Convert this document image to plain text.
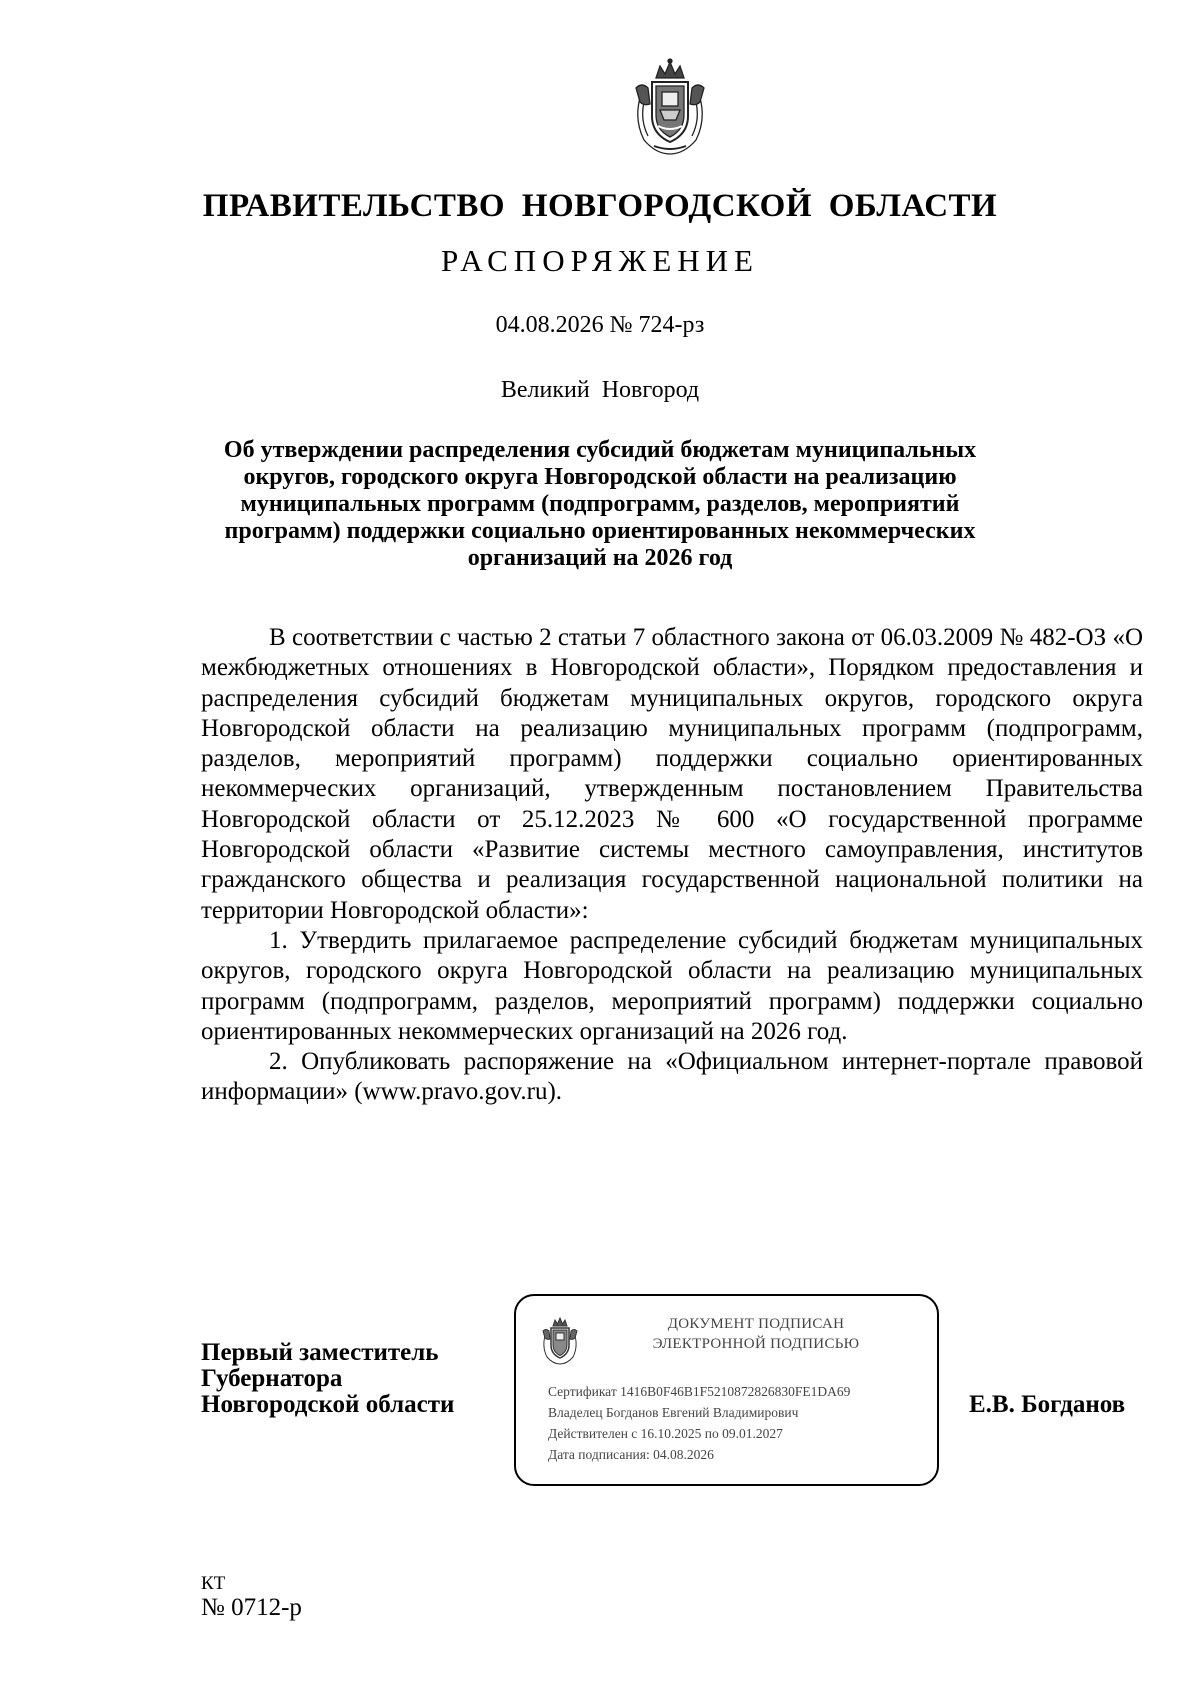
ПРАВИТЕЛЬСТВО НОВГОРОДСКОЙ ОБЛАСТИ
РАСПОРЯЖЕНИЕ
04.08.2026 № 724-рз
Великий Новгород
Об утверждении распределения субсидий бюджетам муниципальных округов, городского округа Новгородской области на реализацию муниципальных программ (подпрограмм, разделов, мероприятий программ) поддержки социально ориентированных некоммерческих организаций на 2026 год

В соответствии с частью 2 статьи 7 областного закона от 06.03.2009 № 482-ОЗ «О межбюджетных отношениях в Новгородской области», Порядком предоставления и распределения субсидий бюджетам муниципальных округов, городского округа Новгородской области на реализацию муниципальных программ (подпрограмм, разделов, мероприятий программ) поддержки социально ориентированных некоммерческих организаций, утвержденным постановлением Правительства Новгородской области от 25.12.2023 № 600 «О государственной программе Новгородской области «Развитие системы местного самоуправления, институтов гражданского общества и реализация государственной национальной политики на территории Новгородской области»:

1. Утвердить прилагаемое распределение субсидий бюджетам муниципальных округов, городского округа Новгородской области на реализацию муниципальных программ (подпрограмм, разделов, мероприятий программ) поддержки социально ориентированных некоммерческих организаций на 2026 год.

2. Опубликовать распоряжение на «Официальном интернет-портале правовой информации» (www.pravo.gov.ru).

Первый заместитель
Губернатора
Новгородской области
ДОКУМЕНТ ПОДПИСАН
ЭЛЕКТРОННОЙ ПОДПИСЬЮ
Сертификат 1416B0F46B1F5210872826830FE1DA69
Владелец Богданов Евгений Владимирович
Действителен с 16.10.2025 по 09.01.2027
Дата подписания: 04.08.2026
Е.В. Богданов
КТ
№ 0712-р
